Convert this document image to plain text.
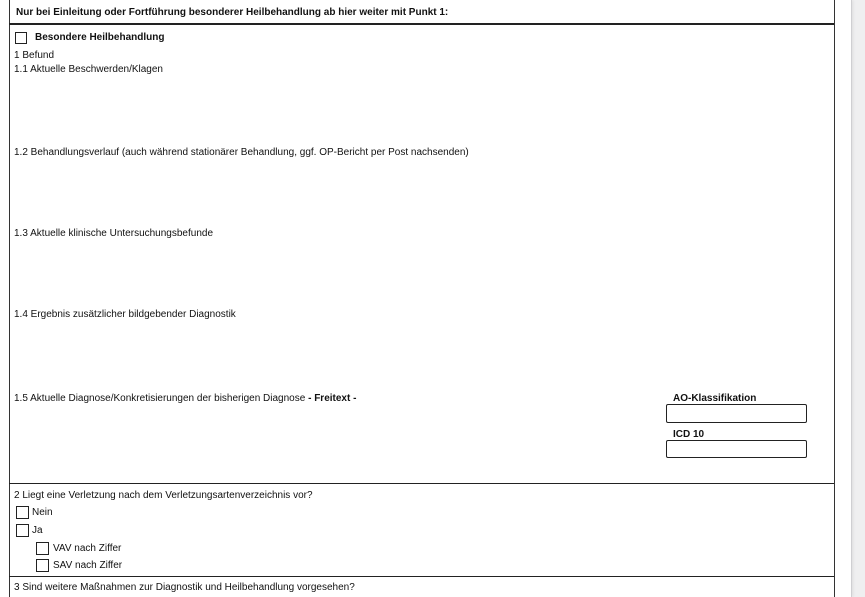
Nur bei Einleitung oder Fortführung besonderer Heilbehandlung ab hier weiter mit Punkt 1:
Besondere Heilbehandlung
1 Befund
1.1 Aktuelle Beschwerden/Klagen
1.2 Behandlungsverlauf (auch während stationärer Behandlung, ggf. OP-Bericht per Post nachsenden)
1.3 Aktuelle klinische Untersuchungsbefunde
1.4 Ergebnis zusätzlicher bildgebender Diagnostik
1.5 Aktuelle Diagnose/Konkretisierungen der bisherigen Diagnose - Freitext -	AO-Klassifikation
ICD 10
2 Liegt eine Verletzung nach dem Verletzungsartenverzeichnis vor?
Nein
Ja
VAV nach Ziffer
SAV nach Ziffer
3 Sind weitere Maßnahmen zur Diagnostik und Heilbehandlung vorgesehen?
